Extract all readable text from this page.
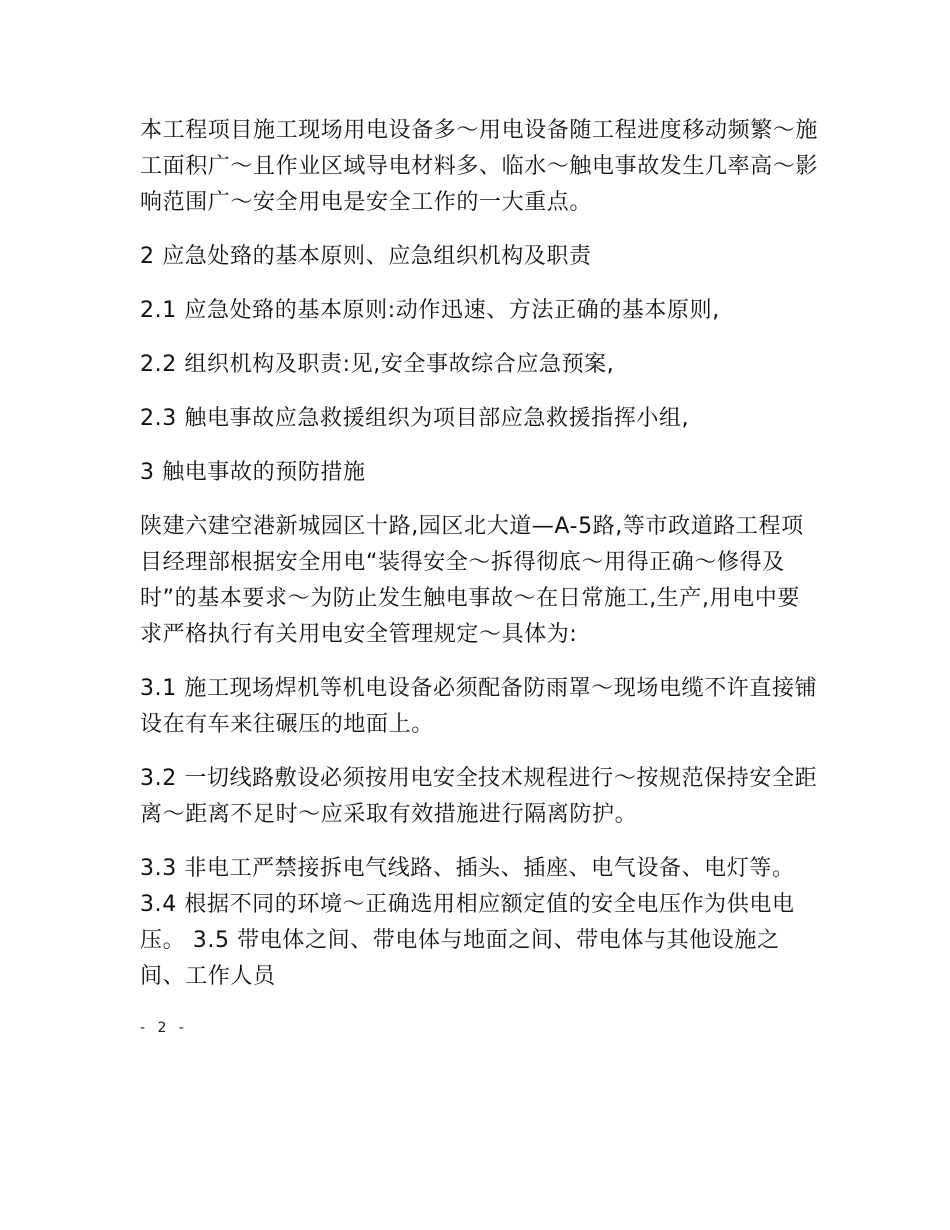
本工程项目施工现场用电设备多～用电设备随工程进度移动频繁～施工面积广～且作业区域导电材料多、临水～触电事故发生几率高～影响范围广～安全用电是安全工作的一大重点。

2 应急处臵的基本原则、应急组织机构及职责

2.1 应急处臵的基本原则:动作迅速、方法正确的基本原则,

2.2 组织机构及职责:见,安全事故综合应急预案,

2.3 触电事故应急救援组织为项目部应急救援指挥小组,

3 触电事故的预防措施

陕建六建空港新城园区十路,园区北大道—A-5路,等市政道路工程项目经理部根据安全用电“装得安全～拆得彻底～用得正确～修得及时”的基本要求～为防止发生触电事故～在日常施工,生产,用电中要求严格执行有关用电安全管理规定～具体为:

3.1 施工现场焊机等机电设备必须配备防雨罩～现场电缆不许直接铺设在有车来往碾压的地面上。

3.2 一切线路敷设必须按用电安全技术规程进行～按规范保持安全距离～距离不足时～应采取有效措施进行隔离防护。

3.3 非电工严禁接拆电气线路、插头、插座、电气设备、电灯等。 3.4 根据不同的环境～正确选用相应额定值的安全电压作为供电电压。 3.5 带电体之间、带电体与地面之间、带电体与其他设施之间、工作人员

- 2 -
